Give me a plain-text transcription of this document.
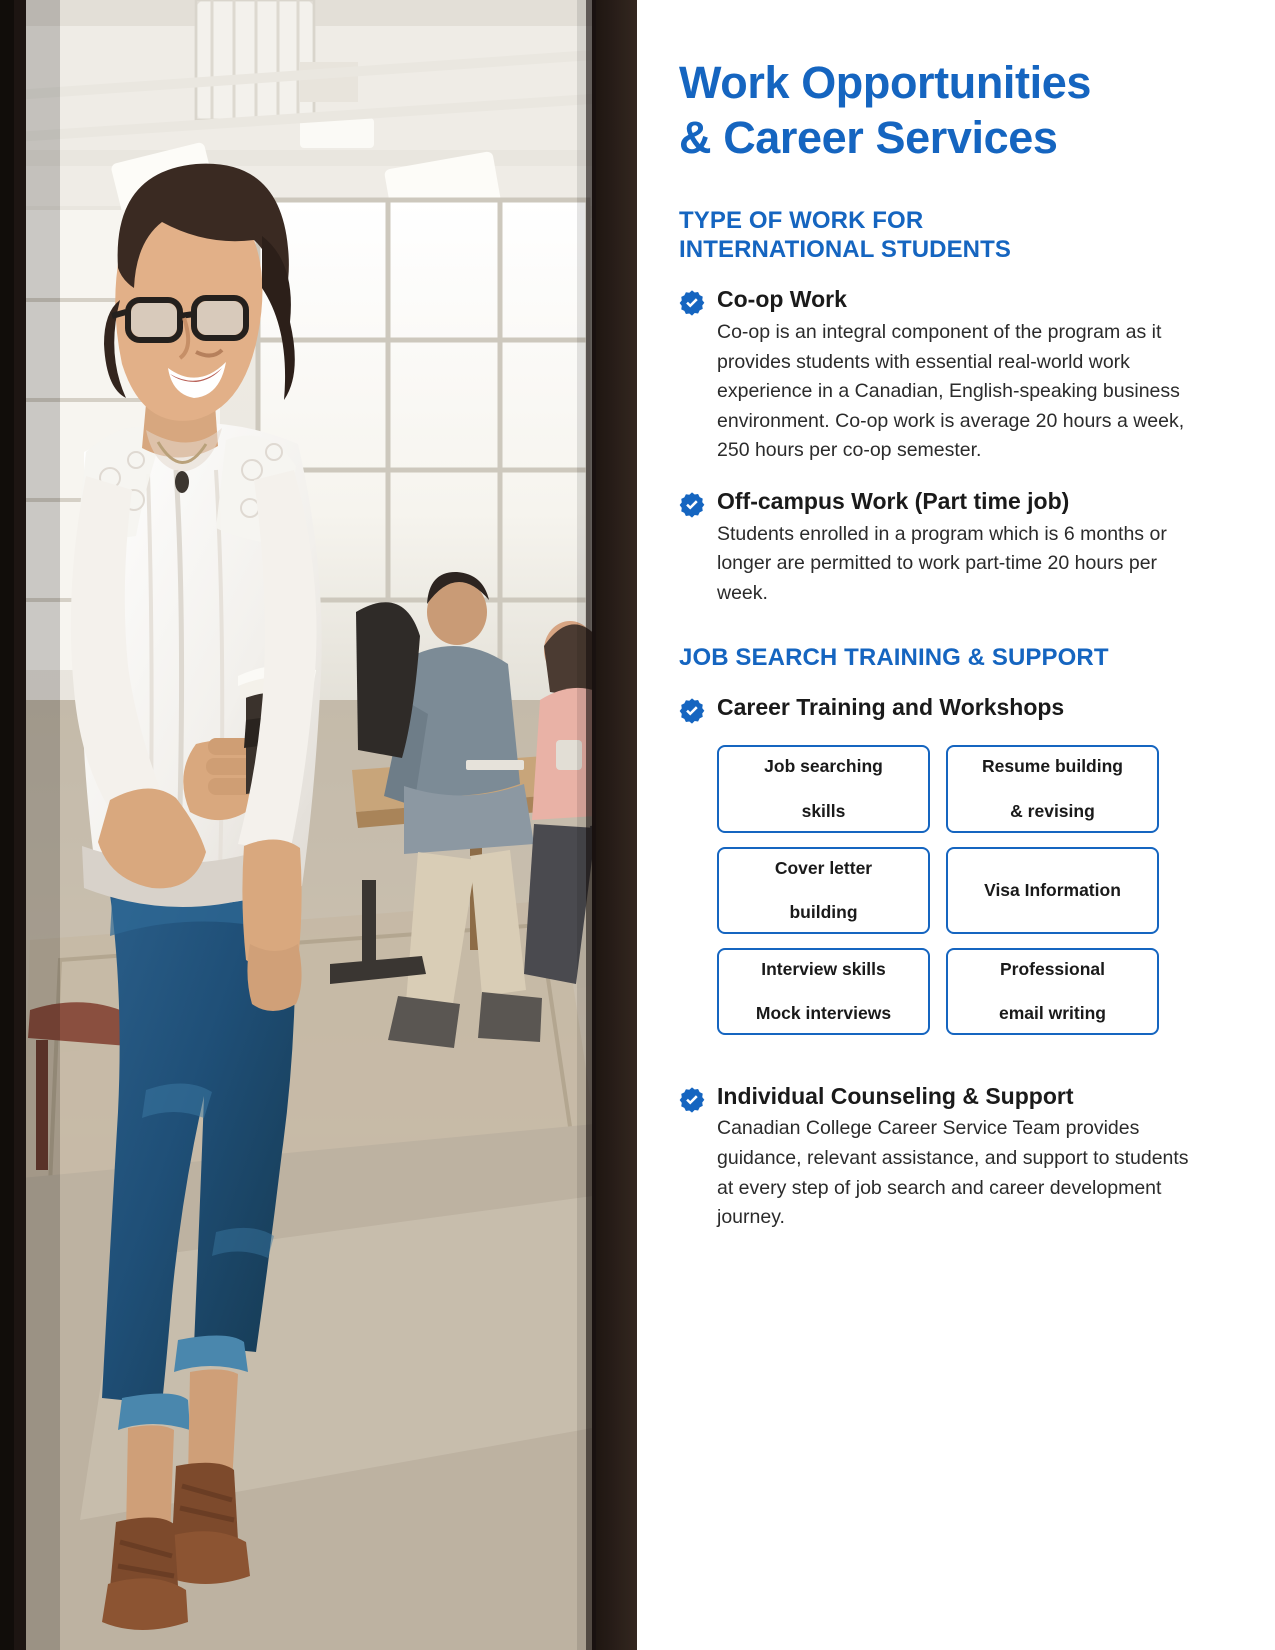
Work Opportunities
& Career Services
TYPE OF WORK FOR
INTERNATIONAL STUDENTS

Co-op Work

Co-op is an integral component of the program as it provides students with essential real-world work experience in a Canadian, English-speaking business environment. Co-op work is average 20 hours a week, 250 hours per co-op semester.

Off-campus Work (Part time job)

Students enrolled in a program which is 6 months or longer are permitted to work part-time 20 hours per week.

JOB SEARCH TRAINING & SUPPORT

Career Training and Workshops

Job searching

skills
Resume building

& revising
Cover letter

building
Visa Information
Interview skills

Mock interviews
Professional

email writing

Individual Counseling & Support

Canadian College Career Service Team provides guidance, relevant assistance, and support to students at every step of job search and career development journey.
